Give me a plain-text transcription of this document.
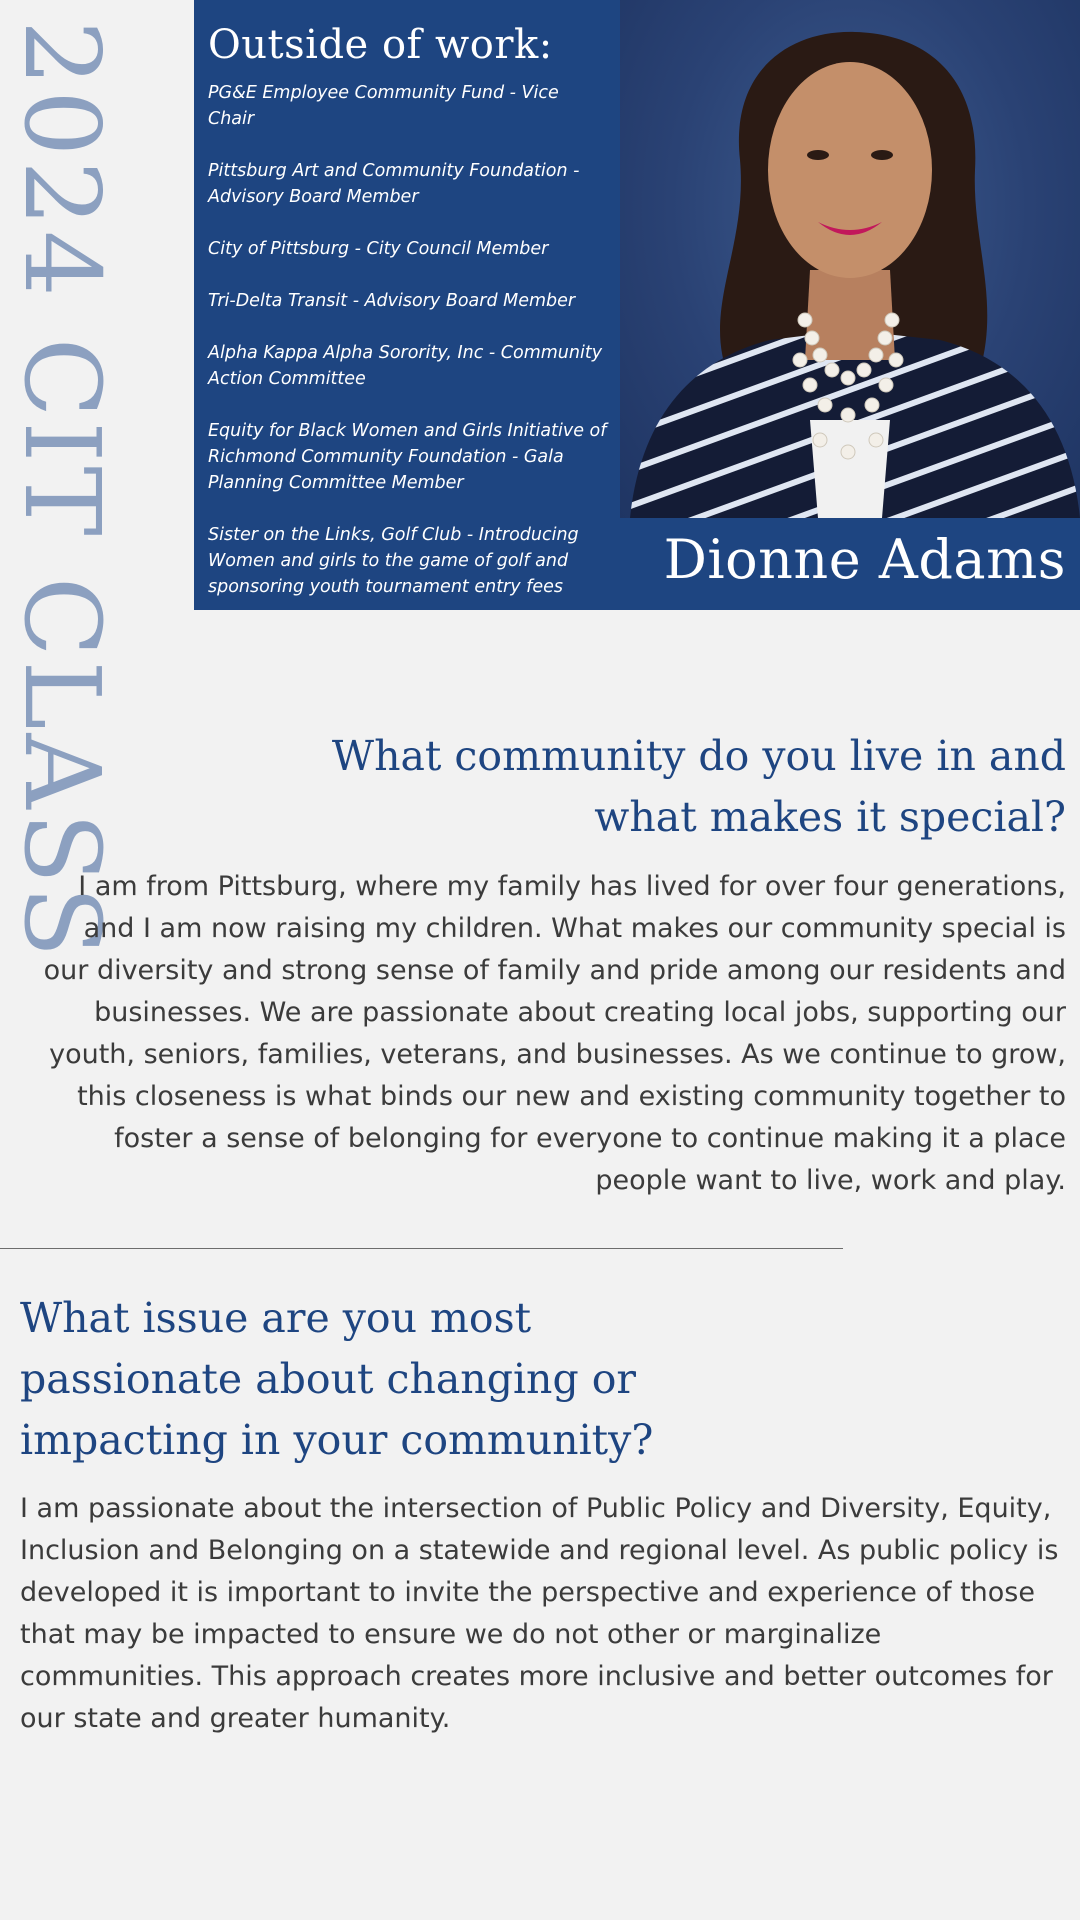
2024 CIT CLASS Outside of work:
PG&E Employee Community Fund - Vice Chair
Pittsburg Art and Community Foundation - Advisory Board Member
City of Pittsburg - City Council Member
Tri-Delta Transit - Advisory Board Member
Alpha Kappa Alpha Sorority, Inc - Community Action Committee
Equity for Black Women and Girls Initiative of Richmond Community Foundation - Gala Planning Committee Member
Sister on the Links, Golf Club - Introducing Women and girls to the game of golf and sponsoring youth tournament entry fees	Dionne Adams
What community do you live in and what makes it special?

I am from Pittsburg, where my family has lived for over four generations, and I am now raising my children. What makes our community special is our diversity and strong sense of family and pride among our residents and businesses. We are passionate about creating local jobs, supporting our youth, seniors, families, veterans, and businesses. As we continue to grow, this closeness is what binds our new and existing community together to foster a sense of belonging for everyone to continue making it a place people want to live, work and play.

What issue are you most passionate about changing or impacting in your community?

I am passionate about the intersection of Public Policy and Diversity, Equity, Inclusion and Belonging on a statewide and regional level. As public policy is developed it is important to invite the perspective and experience of those that may be impacted to ensure we do not other or marginalize communities. This approach creates more inclusive and better outcomes for our state and greater humanity.
